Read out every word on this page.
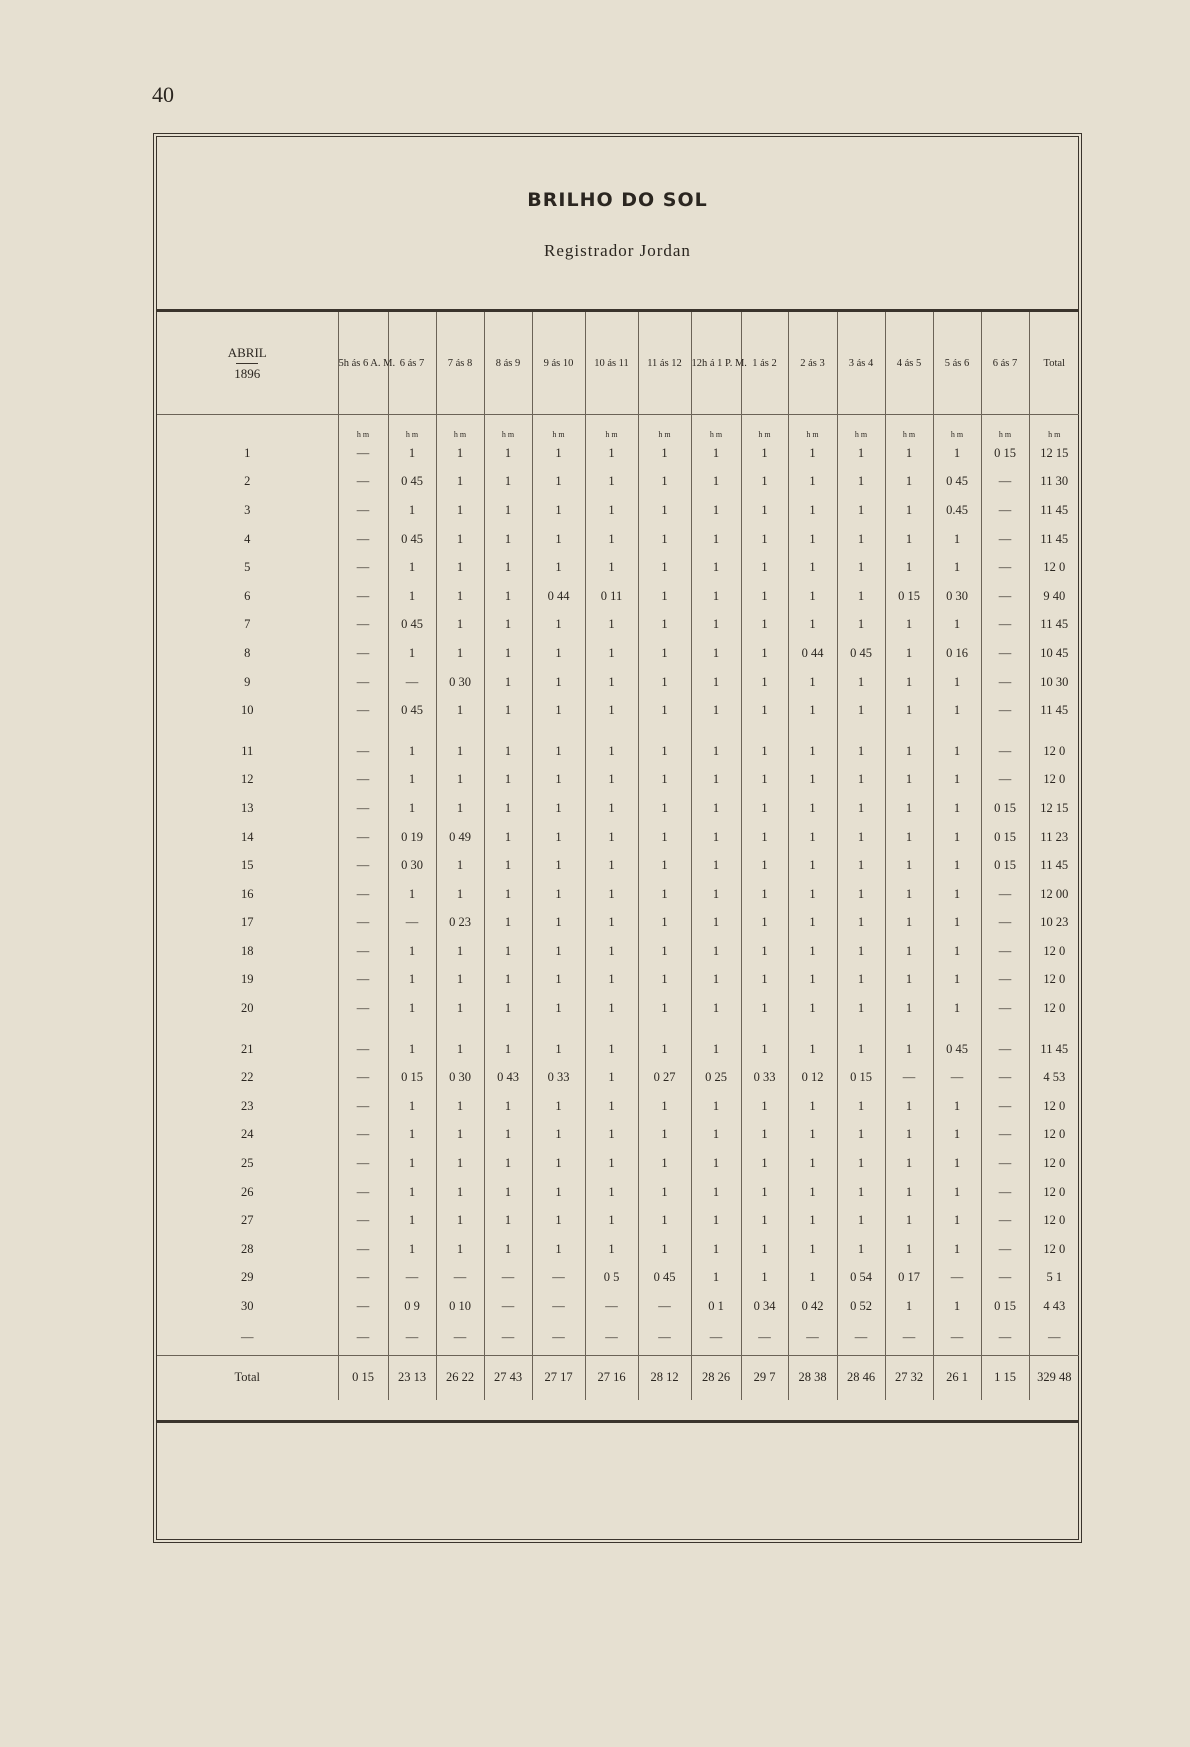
40
BRILHO DO SOL
Registrador Jordan
ABRIL
1896	5h ás 6 A. M.	6 ás 7	7 ás 8	8 ás 9	9 ás 10	10 ás 11	11 ás 12	12h á 1 P. M.	1 ás 2	2 ás 3	3 ás 4	4 ás 5	5 ás 6	6 ás 7	Total
	h m	h m	h m	h m	h m	h m	h m	h m	h m	h m	h m	h m	h m	h m	h m
1	—	1	1	1	1	1	1	1	1	1	1	1	1	0 15	12 15
2	—	0 45	1	1	1	1	1	1	1	1	1	1	0 45	—	11 30
3	—	1	1	1	1	1	1	1	1	1	1	1	0.45	—	11 45
4	—	0 45	1	1	1	1	1	1	1	1	1	1	1	—	11 45
5	—	1	1	1	1	1	1	1	1	1	1	1	1	—	12 0
6	—	1	1	1	0 44	0 11	1	1	1	1	1	0 15	0 30	—	9 40
7	—	0 45	1	1	1	1	1	1	1	1	1	1	1	—	11 45
8	—	1	1	1	1	1	1	1	1	0 44	0 45	1	0 16	—	10 45
9	—	—	0 30	1	1	1	1	1	1	1	1	1	1	—	10 30
10	—	0 45	1	1	1	1	1	1	1	1	1	1	1	—	11 45
11	—	1	1	1	1	1	1	1	1	1	1	1	1	—	12 0
12	—	1	1	1	1	1	1	1	1	1	1	1	1	—	12 0
13	—	1	1	1	1	1	1	1	1	1	1	1	1	0 15	12 15
14	—	0 19	0 49	1	1	1	1	1	1	1	1	1	1	0 15	11 23
15	—	0 30	1	1	1	1	1	1	1	1	1	1	1	0 15	11 45
16	—	1	1	1	1	1	1	1	1	1	1	1	1	—	12 00
17	—	—	0 23	1	1	1	1	1	1	1	1	1	1	—	10 23
18	—	1	1	1	1	1	1	1	1	1	1	1	1	—	12 0
19	—	1	1	1	1	1	1	1	1	1	1	1	1	—	12 0
20	—	1	1	1	1	1	1	1	1	1	1	1	1	—	12 0
21	—	1	1	1	1	1	1	1	1	1	1	1	0 45	—	11 45
22	—	0 15	0 30	0 43	0 33	1	0 27	0 25	0 33	0 12	0 15	—	—	—	4 53
23	—	1	1	1	1	1	1	1	1	1	1	1	1	—	12 0
24	—	1	1	1	1	1	1	1	1	1	1	1	1	—	12 0
25	—	1	1	1	1	1	1	1	1	1	1	1	1	—	12 0
26	—	1	1	1	1	1	1	1	1	1	1	1	1	—	12 0
27	—	1	1	1	1	1	1	1	1	1	1	1	1	—	12 0
28	—	1	1	1	1	1	1	1	1	1	1	1	1	—	12 0
29	—	—	—	—	—	0 5	0 45	1	1	1	0 54	0 17	—	—	5 1
30	—	0 9	0 10	—	—	—	—	0 1	0 34	0 42	0 52	1	1	0 15	4 43
—	—	—	—	—	—	—	—	—	—	—	—	—	—	—	—
Total	0 15	23 13	26 22	27 43	27 17	27 16	28 12	28 26	29 7	28 38	28 46	27 32	26 1	1 15	329 48
